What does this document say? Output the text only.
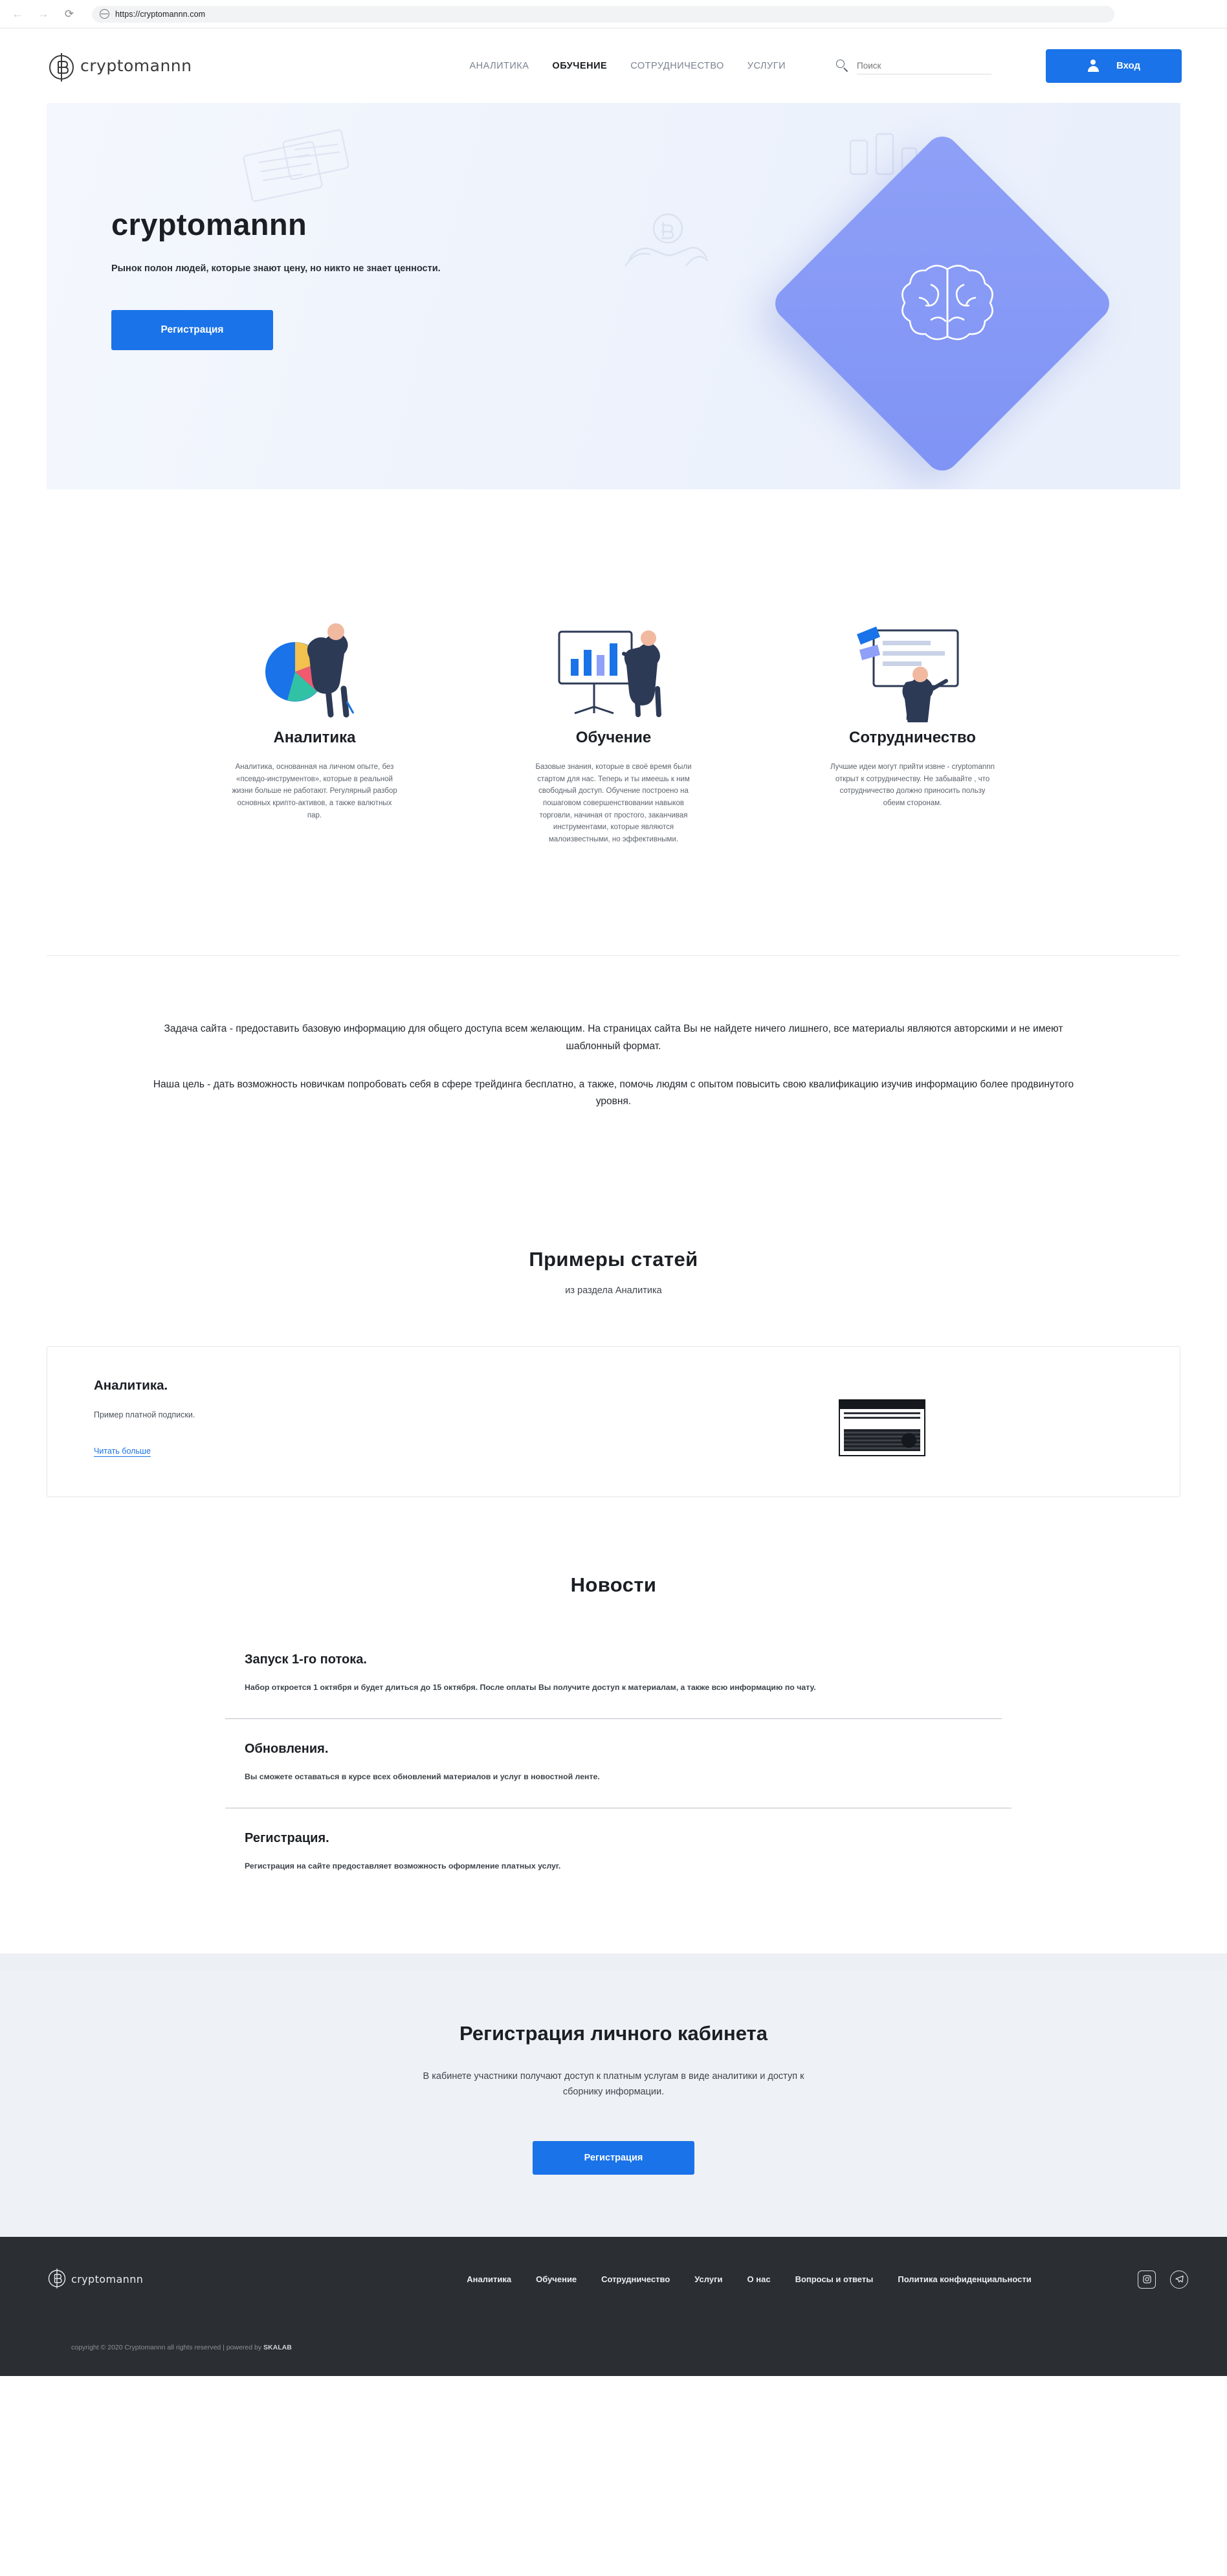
← →	⟳	https://cryptomannn.com
cryptomannn	АНАЛИТИКА ОБУЧЕНИЕ СОТРУДНИЧЕСТВО УСЛУГИ
Поиск	Вход
cryptomannn
Рынок полон людей, которые знают цену, но никто не знает ценности.
Регистрация
Аналитика
Аналитика, основанная на личном опыте, без «псевдо-инструментов», которые в реальной жизни больше не работают. Регулярный разбор основных крипто-активов, а также валютных пар.
Обучение
Базовые знания, которые в своё время были стартом для нас. Теперь и ты имеешь к ним свободный доступ. Обучение построено на пошаговом совершенствовании навыков торговли, начиная от простого, заканчивая инструментами, которые являются малоизвестными, но эффективными.
Сотрудничество
Лучшие идеи могут прийти извне - cryptomannn открыт к сотрудничеству. Не забывайте , что сотрудничество должно приносить пользу обеим сторонам.

Задача сайта - предоставить базовую информацию для общего доступа всем желающим. На страницах сайта Вы не найдете ничего лишнего, все материалы являются авторскими и не имеют шаблонный формат.

Наша цель - дать возможность новичкам попробовать себя в сфере трейдинга бесплатно, а также, помочь людям с опытом повысить свою квалификацию изучив информацию более продвинутого уровня.

Примеры статей
из раздела Аналитика
Аналитика.
Пример платной подписки.
Читать больше
Новости
Запуск 1-го потока.
Набор откроется 1 октября и будет длиться до 15 октября. После оплаты Вы получите доступ к материалам, а также всю информацию по чату.
Обновления.
Вы сможете оставаться в курсе всех обновлений материалов и услуг в новостной ленте.
Регистрация.
Регистрация на сайте предоставляет возможность оформление платных услуг.
Регистрация личного кабинета
В кабинете участники получают доступ к платным услугам в виде аналитики и доступ к сборнику информации.
Регистрация
cryptomannn	Аналитика	Обучение	Сотрудничество	Услуги	О нас	Вопросы и ответы	Политика конфиденциальности
copyright © 2020 Cryptomannn all rights reserved | powered by SKALAB
